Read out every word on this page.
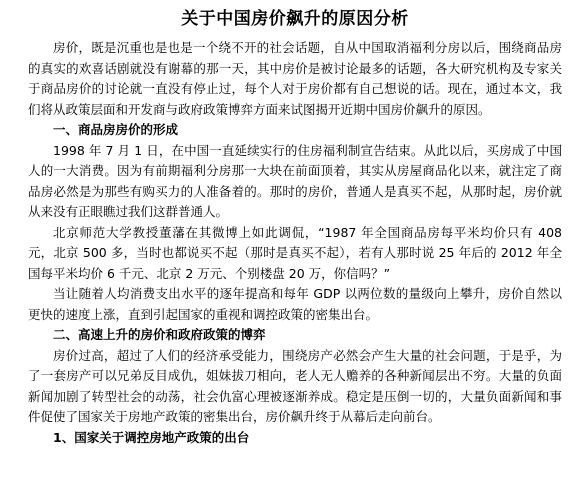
关于中国房价飙升的原因分析

房价，既是沉重也是也是一个绕不开的社会话题，自从中国取消福利分房以后，围绕商品房的真实的欢喜话剧就没有谢幕的那一天，其中房价是被讨论最多的话题，各大研究机构及专家关于商品房价的讨论就一直没有停止过，每个人对于房价都有自己想说的话。现在，通过本文，我们将从政策层面和开发商与政府政策博弈方面来试图揭开近期中国房价飙升的原因。

一、商品房房价的形成

1998 年 7 月 1 日，在中国一直延续实行的住房福利制宣告结束。从此以后，买房成了中国人的一大消费。因为有前期福利分房那一大块在前面顶着，其实从房屋商品化以来，就注定了商品房必然是为那些有购买力的人准备着的。那时的房价，普通人是真买不起，从那时起，房价就从来没有正眼瞧过我们这群普通人。

北京师范大学教授董藩在其微博上如此调侃，“1987 年全国商品房每平米均价只有 408 元，北京 500 多，当时也都说买不起（那时是真买不起），若有人那时说 25 年后的 2012 年全国每平米均价 6 千元、北京 2 万元、个别楼盘 20 万，你信吗？”

当让随着人均消费支出水平的逐年提高和每年 GDP 以两位数的量级向上攀升，房价自然以更快的速度上涨，直到引起国家的重视和调控政策的密集出台。

二、高速上升的房价和政府政策的博弈

房价过高，超过了人们的经济承受能力，围绕房产必然会产生大量的社会问题，于是乎，为了一套房产可以兄弟反目成仇，姐妹拔刀相向，老人无人赡养的各种新闻层出不穷。大量的负面新闻加剧了转型社会的动荡，社会仇富心理被逐渐养成。稳定是压倒一切的，大量负面新闻和事件促使了国家关于房地产政策的密集出台，房价飙升终于从幕后走向前台。

1、国家关于调控房地产政策的出台
